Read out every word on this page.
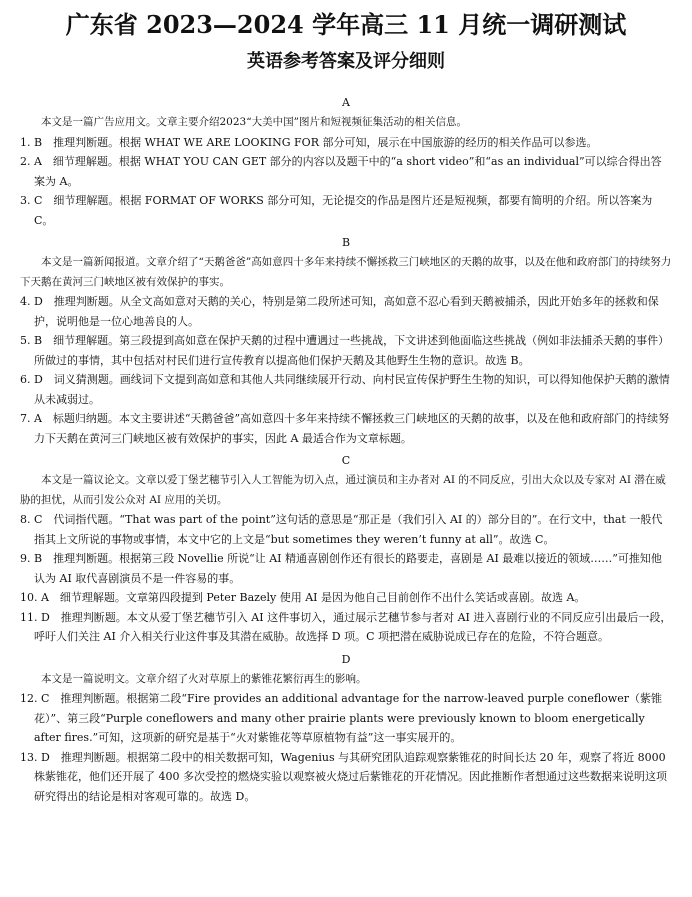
广东省 2023—2024 学年高三 11 月统一调研测试
英语参考答案及评分细则
A

本文是一篇广告应用文。文章主要介绍2023“大美中国”图片和短视频征集活动的相关信息。

1. B　推理判断题。根据 WHAT WE ARE LOOKING FOR 部分可知，展示在中国旅游的经历的相关作品可以参选。

2. A　细节理解题。根据 WHAT YOU CAN GET 部分的内容以及题干中的“a short video”和“as an individual”可以综合得出答案为 A。

3. C　细节理解题。根据 FORMAT OF WORKS 部分可知，无论提交的作品是图片还是短视频，都要有简明的介绍。所以答案为 C。

B

本文是一篇新闻报道。文章介绍了“天鹅爸爸”高如意四十多年来持续不懈拯救三门峡地区的天鹅的故事，以及在他和政府部门的持续努力下天鹅在黄河三门峡地区被有效保护的事实。

4. D　推理判断题。从全文高如意对天鹅的关心，特别是第二段所述可知，高如意不忍心看到天鹅被捕杀，因此开始多年的拯救和保护，说明他是一位心地善良的人。

5. B　细节理解题。第三段提到高如意在保护天鹅的过程中遭遇过一些挑战，下文讲述到他面临这些挑战（例如非法捕杀天鹅的事件）所做过的事情，其中包括对村民们进行宣传教育以提高他们保护天鹅及其他野生生物的意识。故选 B。

6. D　词义猜测题。画线词下文提到高如意和其他人共同继续展开行动、向村民宣传保护野生生物的知识，可以得知他保护天鹅的激情从未减弱过。

7. A　标题归纳题。本文主要讲述“天鹅爸爸”高如意四十多年来持续不懈拯救三门峡地区的天鹅的故事，以及在他和政府部门的持续努力下天鹅在黄河三门峡地区被有效保护的事实，因此 A 最适合作为文章标题。

C

本文是一篇议论文。文章以爱丁堡艺穗节引入人工智能为切入点，通过演员和主办者对 AI 的不同反应，引出大众以及专家对 AI 潜在威胁的担忧，从而引发公众对 AI 应用的关切。

8. C　代词指代题。“That was part of the point”这句话的意思是“那正是（我们引入 AI 的）部分目的”。在行文中，that 一般代指其上文所说的事物或事情，本文中它的上文是“but sometimes they weren’t funny at all”。故选 C。

9. B　推理判断题。根据第三段 Novellie 所说“让 AI 精通喜剧创作还有很长的路要走，喜剧是 AI 最难以接近的领域……”可推知他认为 AI 取代喜剧演员不是一件容易的事。

10. A　细节理解题。文章第四段提到 Peter Bazely 使用 AI 是因为他自己目前创作不出什么笑话或喜剧。故选 A。

11. D　推理判断题。本文从爱丁堡艺穗节引入 AI 这件事切入，通过展示艺穗节参与者对 AI 进入喜剧行业的不同反应引出最后一段，呼吁人们关注 AI 介入相关行业这件事及其潜在威胁。故选择 D 项。C 项把潜在威胁说成已存在的危险，不符合题意。

D

本文是一篇说明文。文章介绍了火对草原上的紫锥花繁衍再生的影响。

12. C　推理判断题。根据第二段“Fire provides an additional advantage for the narrow-leaved purple coneflower（紫锥花）”、第三段“Purple coneflowers and many other prairie plants were previously known to bloom energetically after fires.”可知，这项新的研究是基于“火对紫锥花等草原植物有益”这一事实展开的。

13. D　推理判断题。根据第二段中的相关数据可知，Wagenius 与其研究团队追踪观察紫锥花的时间长达 20 年，观察了将近 8000 株紫锥花，他们还开展了 400 多次受控的燃烧实验以观察被火烧过后紫锥花的开花情况。因此推断作者想通过这些数据来说明这项研究得出的结论是相对客观可靠的。故选 D。
